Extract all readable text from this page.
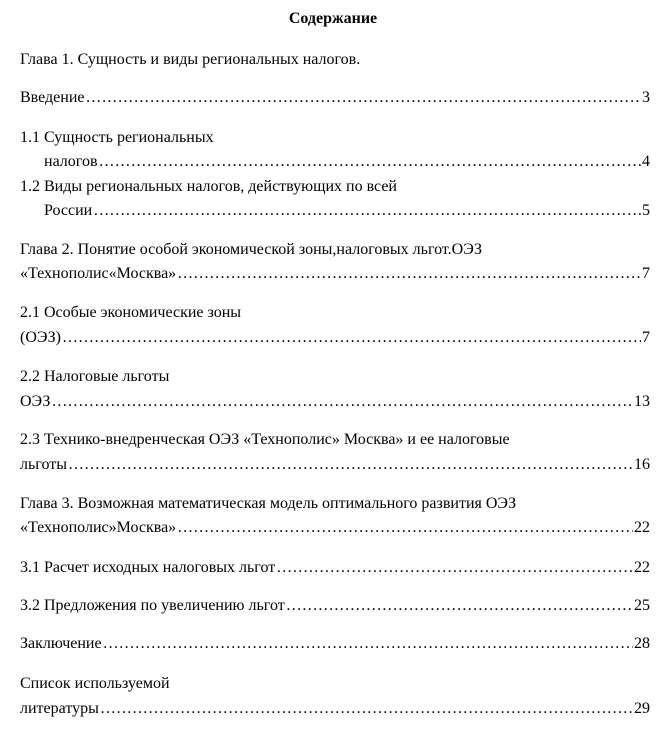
Содержание
Глава 1. Сущность и виды региональных налогов.
Введение ……………………………………………………………………………………………………………………………………………………………………	3
1.1 Сущность региональных
налогов ……………………………………………………………………………………………………………………………………………………………………	4
1.2 Виды региональных налогов, действующих по всей
России ……………………………………………………………………………………………………………………………………………………………………	5
Глава 2. Понятие особой экономической зоны,налоговых льгот.ОЭЗ
«Технополис«Москва» ……………………………………………………………………………………………………………………………………………………………………	7
2.1 Особые экономические зоны
(ОЭЗ) ……………………………………………………………………………………………………………………………………………………………………	7
2.2 Налоговые льготы
ОЭЗ ……………………………………………………………………………………………………………………………………………………………………	13
2.3 Технико-внедренческая ОЭЗ «Технополис» Москва» и ее налоговые
льготы ……………………………………………………………………………………………………………………………………………………………………	16
Глава 3. Возможная математическая модель оптимального развития ОЭЗ
«Технополис»Москва» ……………………………………………………………………………………………………………………………………………………………………	22
3.1 Расчет исходных налоговых льгот ……………………………………………………………………………………………………………………………………………………………………	22
3.2 Предложения по увеличению льгот ……………………………………………………………………………………………………………………………………………………………………	25
Заключение ……………………………………………………………………………………………………………………………………………………………………	28
Список используемой
литературы ……………………………………………………………………………………………………………………………………………………………………	29
